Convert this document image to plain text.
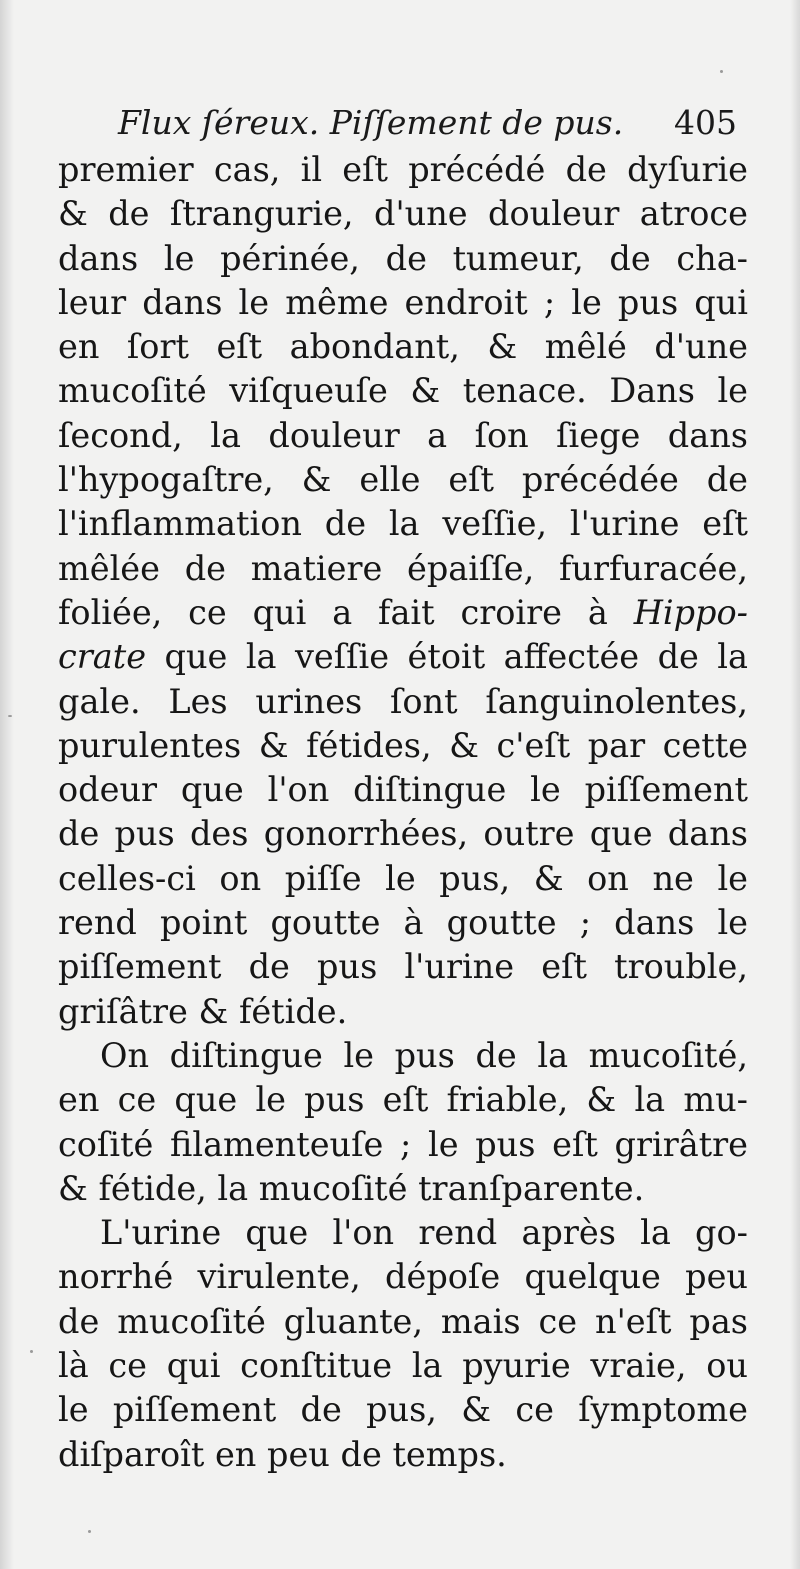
Flux ſéreux. Piſſement de pus.	405
premier cas, il eſt précédé de dyſurie
& de ſtrangurie, d'une douleur atroce
dans le périnée, de tumeur, de cha-
leur dans le même endroit ; le pus qui
en ſort eſt abondant, & mêlé d'une
mucoſité viſqueuſe & tenace. Dans le
ſecond, la douleur a ſon ſiege dans
l'hypogaſtre, & elle eſt précédée de
l'inflammation de la veſſie, l'urine eſt
mêlée de matiere épaiſſe, furfuracée,
foliée, ce qui a fait croire à Hippo-
crate que la veſſie étoit affectée de la
gale. Les urines ſont ſanguinolentes,
purulentes & fétides, & c'eſt par cette
odeur que l'on diſtingue le piſſement
de pus des gonorrhées, outre que dans
celles-ci on piſſe le pus, & on ne le
rend point goutte à goutte ; dans le
piſſement de pus l'urine eſt trouble,
griſâtre & fétide.
On diſtingue le pus de la mucoſité,
en ce que le pus eſt friable, & la mu-
coſité filamenteuſe ; le pus eſt grirâtre
& fétide, la mucoſité tranſparente.
L'urine que l'on rend après la go-
norrhé virulente, dépoſe quelque peu
de mucoſité gluante, mais ce n'eſt pas
là ce qui conſtitue la pyurie vraie, ou
le piſſement de pus, & ce ſymptome
diſparoît en peu de temps.
